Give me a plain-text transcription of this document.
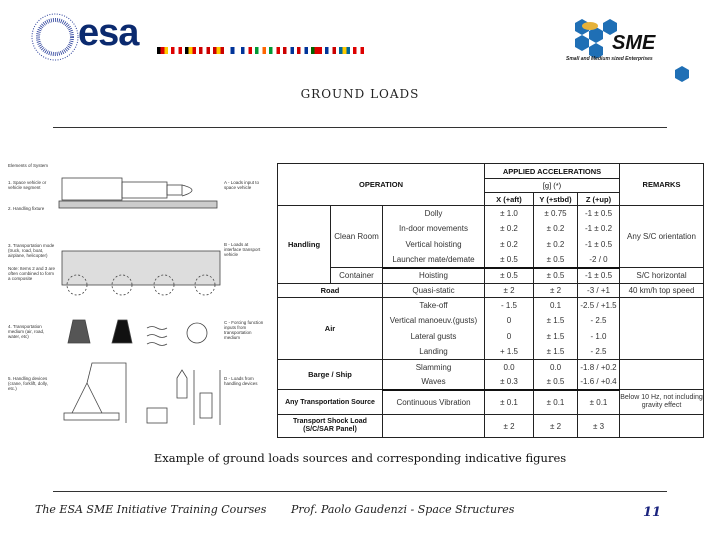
esa	SME
Small and Medium sized Enterprises
GROUND LOADS
Elements of System
1. Space vehicle or vehicle segment
2. Handling fixture
3. Transportation mode (truck, road, boat, airplane, helicopter)
Note: Items 2 and 3 are often combined to form a composite
4. Transportation medium (air, road, water, etc)
5. Handling devices (crane, forklift, dolly, etc.)
A - Loads input to space vehicle
B - Loads at interface transport vehicle
C - Forcing function inputs from transportation medium
D - Loads from handling devices
OPERATION			APPLIED ACCELERATIONS			REMARKS
			[g] (*)			
			X (+aft)	Y (+stbd)	Z (+up)	
Handling	Clean Room	Dolly	± 1.0	± 0.75	-1 ± 0.5	Any S/C orientation
		In-door movements	± 0.2	± 0.2	-1 ± 0.2	
		Vertical hoisting	± 0.2	± 0.2	-1 ± 0.5	
		Launcher mate/demate	± 0.5	± 0.5	-2 / 0	
	Container	Hoisting	± 0.5	± 0.5	-1 ± 0.5	S/C horizontal
Road		Quasi-static	± 2	± 2	-3 / +1	40 km/h top speed
Air		Take-off	- 1.5	0.1	-2.5 / +1.5	
		Vertical manoeuv.(gusts)	0	± 1.5	- 2.5	
		Lateral gusts	0	± 1.5	- 1.0	
		Landing	+ 1.5	± 1.5	- 2.5	
Barge / Ship		Slamming	0.0	0.0	-1.8 / +0.2	
		Waves	± 0.3	± 0.5	-1.6 / +0.4	
Any Transportation Source		Continuous Vibration	± 0.1	± 0.1	± 0.1	Below 10 Hz, not including gravity effect
Transport Shock Load (S/C/SAR Panel)			± 2	± 2	± 3	
Example of ground loads sources and corresponding indicative figures
The ESA SME Initiative Training Courses Prof. Paolo Gaudenzi - Space Structures	11
